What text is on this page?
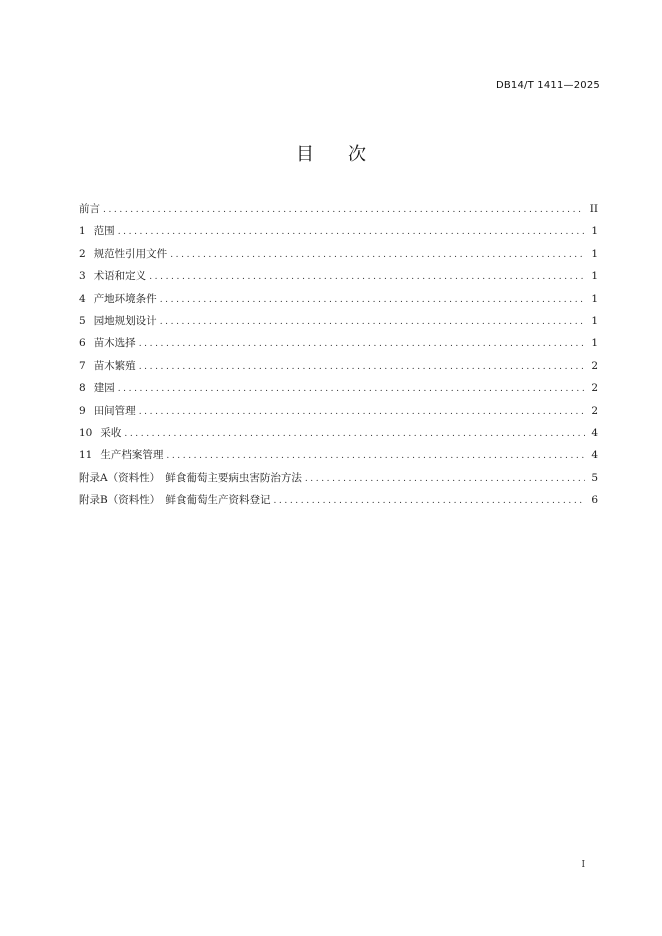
DB14/T 1411—2025
目次
前言 .....	II
1 范围 .....	1
2 规范性引用文件 .....	1
3 术语和定义 .....	1
4 产地环境条件 .....	1
5 园地规划设计 .....	1
6 苗木选择 .....	1
7 苗木繁殖 .....	2
8 建园 .....	2
9 田间管理 .....	2
10 采收 .....	4
11 生产档案管理 .....	4
附录A（资料性）　鲜食葡萄主要病虫害防治方法 .....	5
附录B（资料性）　鲜食葡萄生产资料登记 .....	6
I
